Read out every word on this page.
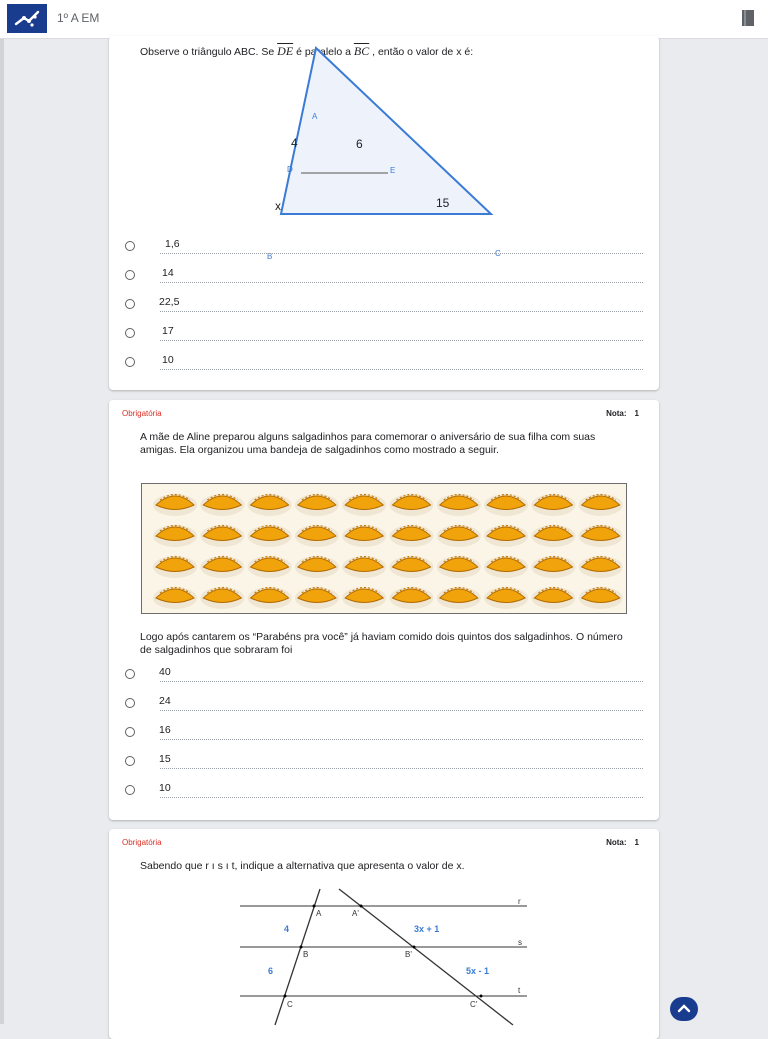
1º A EM
Observe o triângulo ABC. Se $\overline{DE}$ é paralelo a $\overline{BC}$ , então o valor de x é:
A
B	C
D	E
4	6
15
x
1,6
14
22,5
17
10
Obrigatória	Nota: 1
A mãe de Aline preparou alguns salgadinhos para comemorar o aniversário de sua filha com suas amigas. Ela organizou uma bandeja de salgadinhos como mostrado a seguir.
Logo após cantarem os “Parabéns pra você” já haviam comido dois quintos dos salgadinhos. O número de salgadinhos que sobraram foi
40
24
16
15
10
Obrigatória	Nota: 1
Sabendo que r ı s ı t, indique a alternativa que apresenta o valor de x.
r
s
t
A
B
C
A'
B'
C'
4
6
3x + 1
5x - 1
